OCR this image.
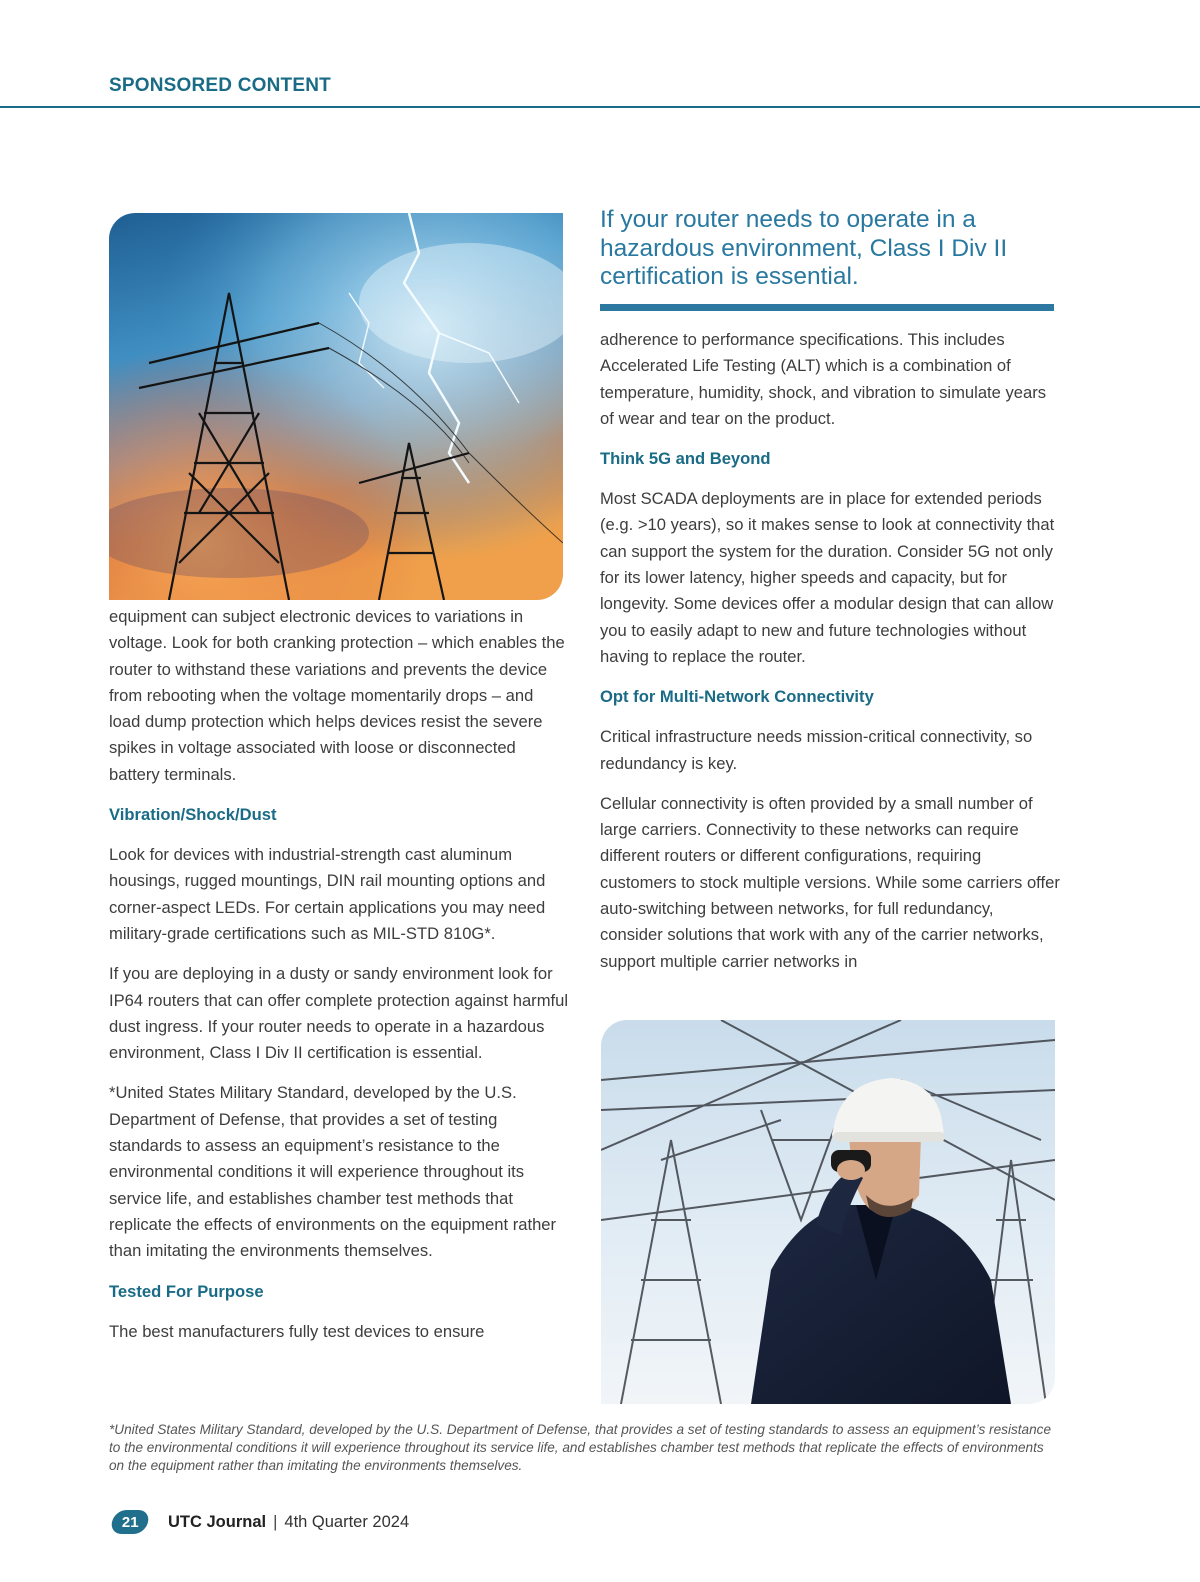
SPONSORED CONTENT
If your router needs to operate in a hazardous environment, Class I Div II certification is essential.

equipment can subject electronic devices to variations in voltage. Look for both cranking protection – which enables the router to withstand these variations and prevents the device from rebooting when the voltage momentarily drops – and load dump protection which helps devices resist the severe spikes in voltage associated with loose or disconnected battery terminals.

Vibration/Shock/Dust

Look for devices with industrial-strength cast aluminum housings, rugged mountings, DIN rail mounting options and corner-aspect LEDs. For certain applications you may need military-grade certifications such as MIL-STD 810G*.

If you are deploying in a dusty or sandy environment look for IP64 routers that can offer complete protection against harmful dust ingress. If your router needs to operate in a hazardous environment, Class I Div II certification is essential.

*United States Military Standard, developed by the U.S. Department of Defense, that provides a set of testing standards to assess an equipment’s resistance to the environmental conditions it will experience throughout its service life, and establishes chamber test methods that replicate the effects of environments on the equipment rather than imitating the environments themselves.

Tested For Purpose

The best manufacturers fully test devices to ensure

adherence to performance specifications. This includes Accelerated Life Testing (ALT) which is a combination of temperature, humidity, shock, and vibration to simulate years of wear and tear on the product.

Think 5G and Beyond

Most SCADA deployments are in place for extended periods (e.g. >10 years), so it makes sense to look at connectivity that can support the system for the duration. Consider 5G not only for its lower latency, higher speeds and capacity, but for longevity. Some devices offer a modular design that can allow you to easily adapt to new and future technologies without having to replace the router.

Opt for Multi-Network Connectivity

Critical infrastructure needs mission-critical connectivity, so redundancy is key.

Cellular connectivity is often provided by a small number of large carriers. Connectivity to these networks can require different routers or different configurations, requiring customers to stock multiple versions. While some carriers offer auto-switching between networks, for full redundancy, consider solutions that work with any of the carrier networks, support multiple carrier networks in

*United States Military Standard, developed by the U.S. Department of Defense, that provides a set of testing standards to assess an equipment’s resistance to the environmental conditions it will experience throughout its service life, and establishes chamber test methods that replicate the effects of environments on the equipment rather than imitating the environments themselves.
21 UTC Journal | 4th Quarter 2024
